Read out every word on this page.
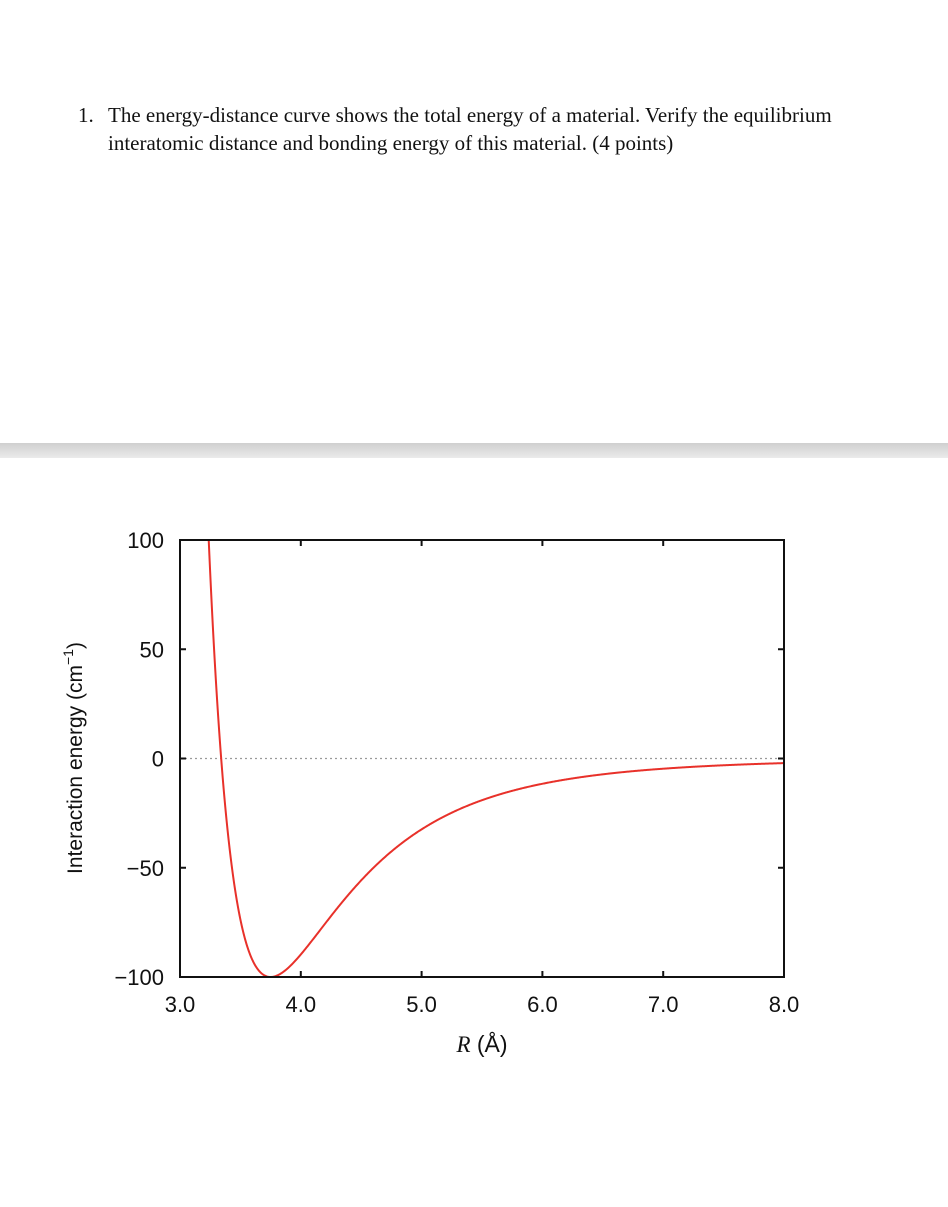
1. The energy-distance curve shows the total energy of a material. Verify the equilibrium interatomic distance and bonding energy of this material. (4 points)
3.0	4.0	5.0	6.0	7.0	8.0
100
50
0
−50
−100
R (Å)
Interaction energy $(cm^{-1})$
